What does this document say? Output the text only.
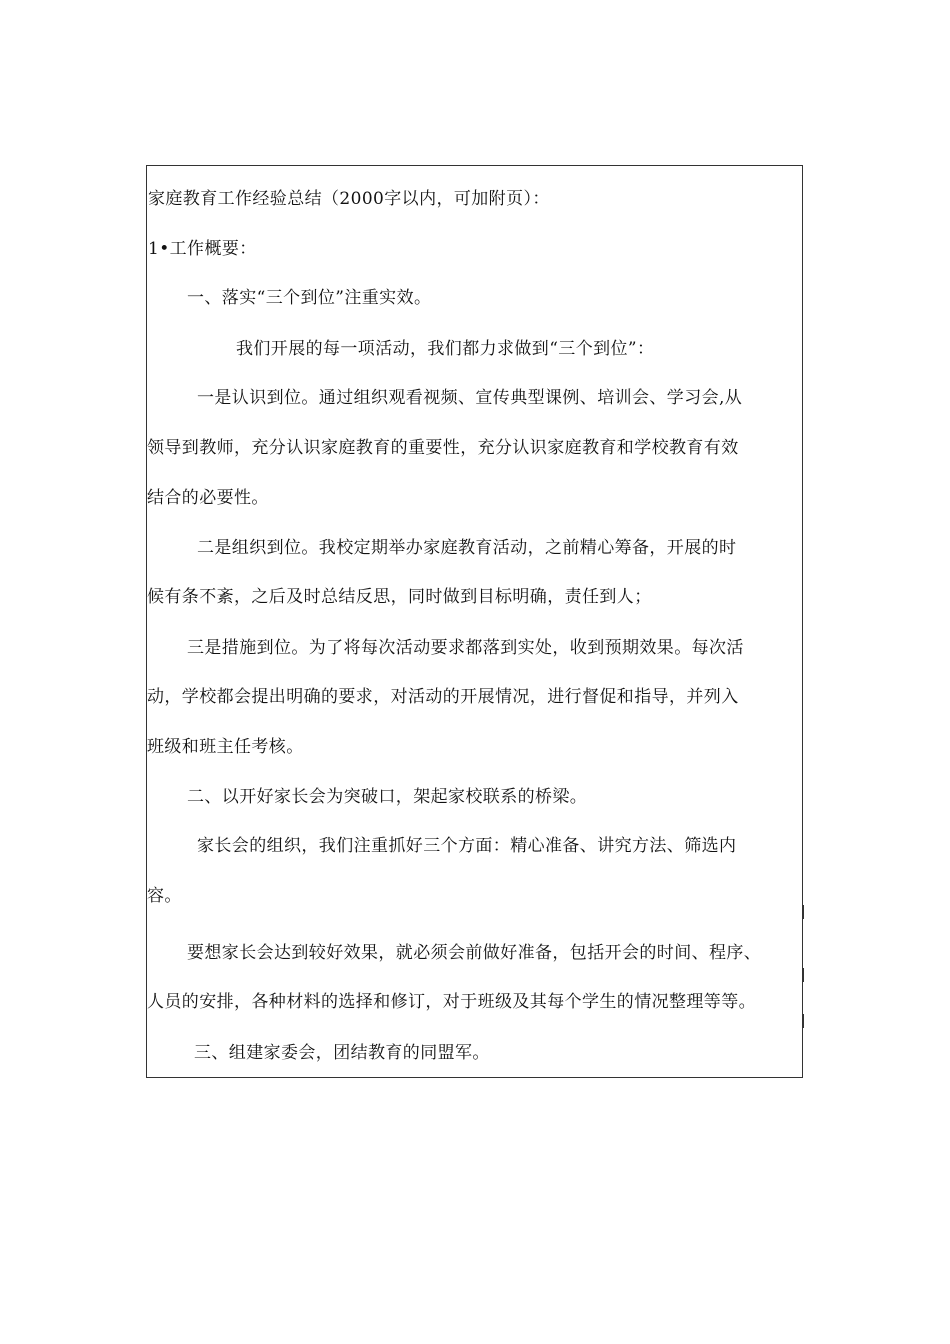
家庭教育工作经验总结（2000字以内，可加附页）：
1•工作概要：
一、落实“三个到位”注重实效。
我们开展的每一项活动，我们都力求做到“三个到位”：
一是认识到位。通过组织观看视频、宣传典型课例、培训会、学习会,从
领导到教师，充分认识家庭教育的重要性，充分认识家庭教育和学校教育有效
结合的必要性。
二是组织到位。我校定期举办家庭教育活动，之前精心筹备，开展的时
候有条不紊，之后及时总结反思，同时做到目标明确，责任到人；
三是措施到位。为了将每次活动要求都落到实处，收到预期效果。每次活
动，学校都会提出明确的要求，对活动的开展情况，进行督促和指导，并列入
班级和班主任考核。
二、以开好家长会为突破口，架起家校联系的桥梁。
家长会的组织，我们注重抓好三个方面：精心准备、讲究方法、筛选内
容。
要想家长会达到较好效果，就必须会前做好准备，包括开会的时间、程序、
人员的安排，各种材料的选择和修订，对于班级及其每个学生的情况整理等等。
三、组建家委会，团结教育的同盟军。
